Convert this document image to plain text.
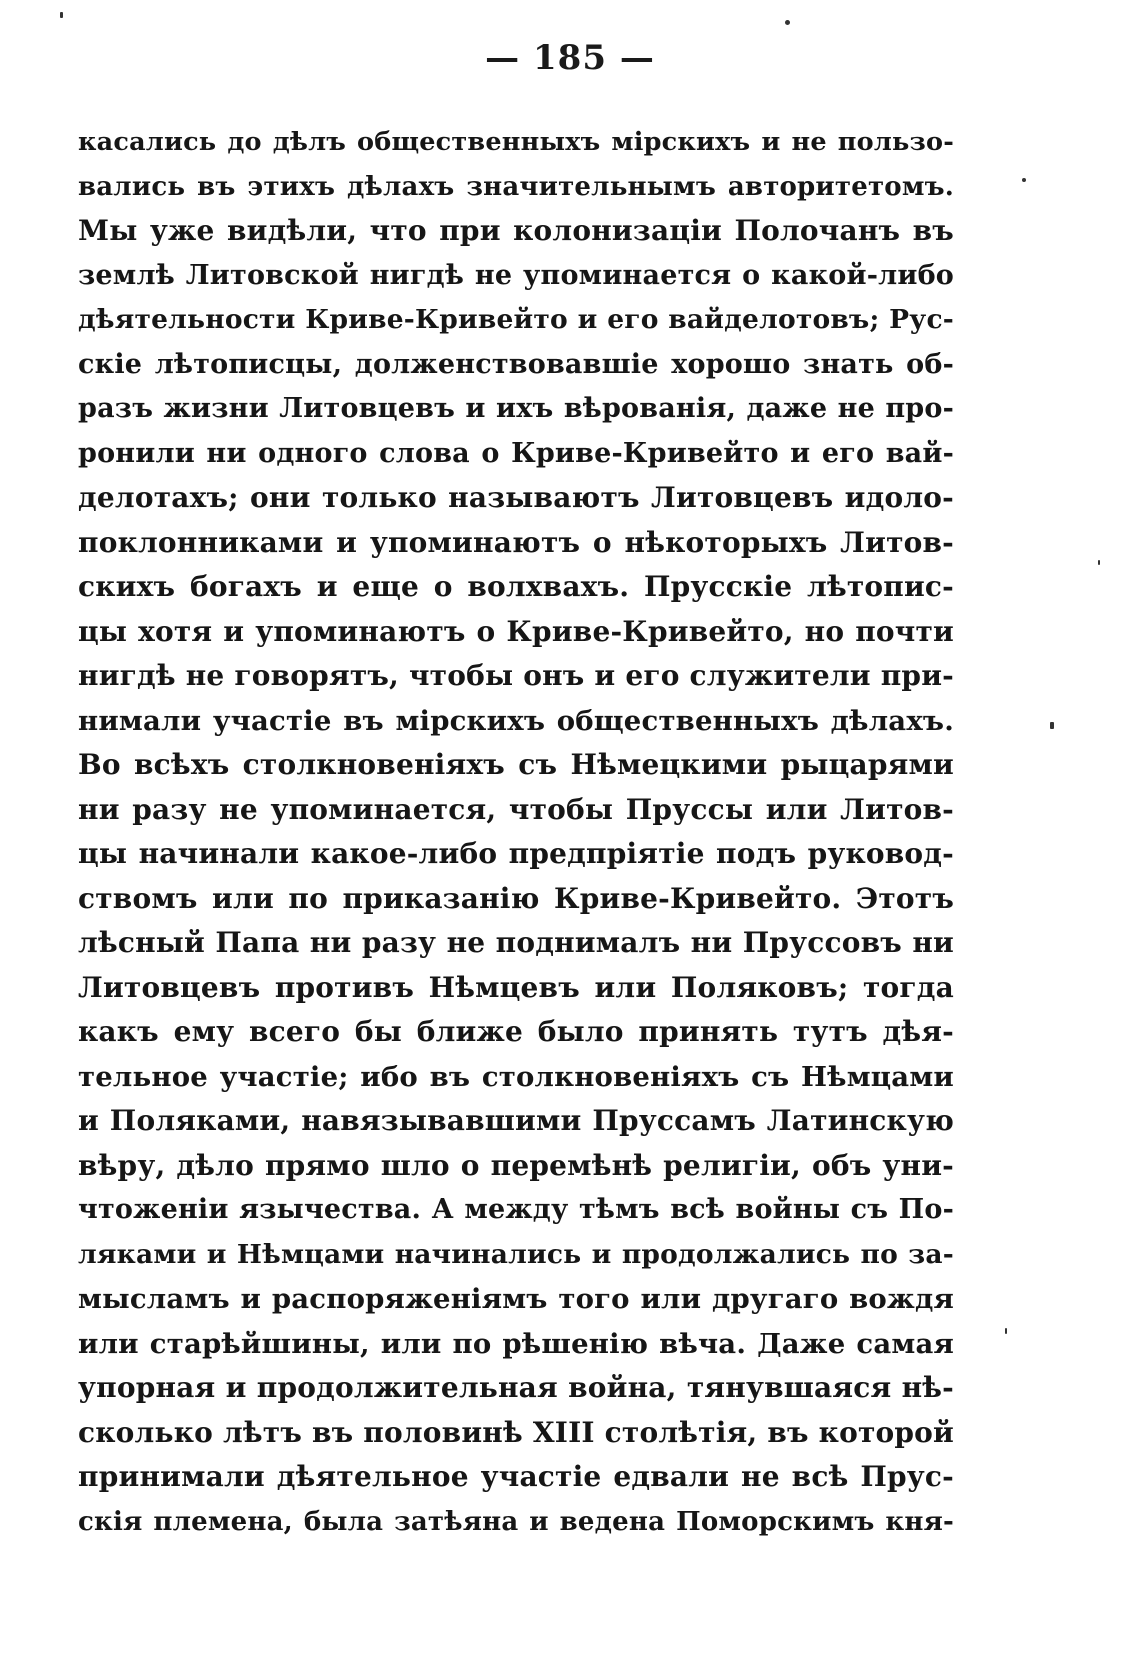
— 185 —
касались до дѣлъ общественныхъ мірскихъ и не пользо-
вались въ этихъ дѣлахъ значительнымъ авторитетомъ.
Мы уже видѣли, что при колонизаціи Полочанъ въ
землѣ Литовской нигдѣ не упоминается о какой-либо
дѣятельности Криве-Кривейто и его вайделотовъ; Рус-
скіе лѣтописцы, долженствовавшіе хорошо знать об-
разъ жизни Литовцевъ и ихъ вѣрованія, даже не про-
ронили ни одного слова о Криве-Кривейто и его вай-
делотахъ; они только называютъ Литовцевъ идоло-
поклонниками и упоминаютъ о нѣкоторыхъ Литов-
скихъ богахъ и еще о волхвахъ. Прусскіе лѣтопис-
цы хотя и упоминаютъ о Криве-Кривейто, но почти
нигдѣ не говорятъ, чтобы онъ и его служители при-
нимали участіе въ мірскихъ общественныхъ дѣлахъ.
Во всѣхъ столкновеніяхъ съ Нѣмецкими рыцарями
ни разу не упоминается, чтобы Пруссы или Литов-
цы начинали какое-либо предпріятіе подъ руковод-
ствомъ или по приказанію Криве-Кривейто. Этотъ
лѣсный Папа ни разу не поднималъ ни Пруссовъ ни
Литовцевъ противъ Нѣмцевъ или Поляковъ; тогда
какъ ему всего бы ближе было принять тутъ дѣя-
тельное участіе; ибо въ столкновеніяхъ съ Нѣмцами
и Поляками, навязывавшими Пруссамъ Латинскую
вѣру, дѣло прямо шло о перемѣнѣ религіи, объ уни-
чтоженіи язычества. А между тѣмъ всѣ войны съ По-
ляками и Нѣмцами начинались и продолжались по за-
мысламъ и распоряженіямъ того или другаго вождя
или старѣйшины, или по рѣшенію вѣча. Даже самая
упорная и продолжительная война, тянувшаяся нѣ-
сколько лѣтъ въ половинѣ XIII столѣтія, въ которой
принимали дѣятельное участіе едвали не всѣ Прус-
скія племена, была затѣяна и ведена Поморскимъ кня-
